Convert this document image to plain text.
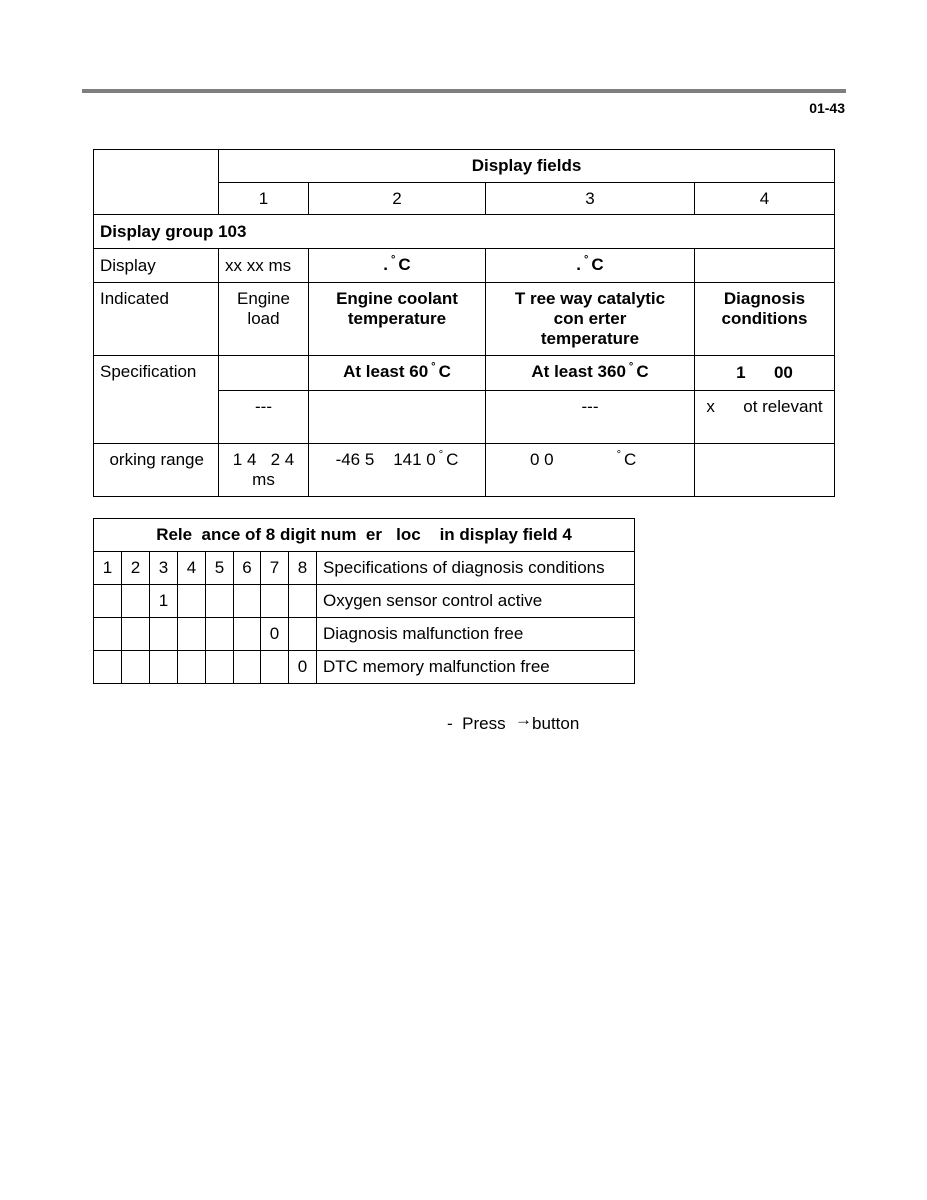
01-43
	Display fields			
	1	2	3	4
Display group 103				
Display	xx xx ms	. ° C	. ° C	
Indicated	Engine load	Engine coolant temperature	T ree way catalytic con erter temperature	Diagnosis conditions
Specification		At least 60 ° C	At least 360 ° C	1      00
	---		---	x      ot relevant
orking range	1 4   2 4 ms	-46 5    141 0 ° C	0 0 ° C	
Rele  ance of 8 digit num  er   loc    in display field 4								
1	2	3	4	5	6	7	8	Specifications of diagnosis conditions
		1						Oxygen sensor control active
						0		Diagnosis malfunction free
							0	DTC memory malfunction free
- Press →button
